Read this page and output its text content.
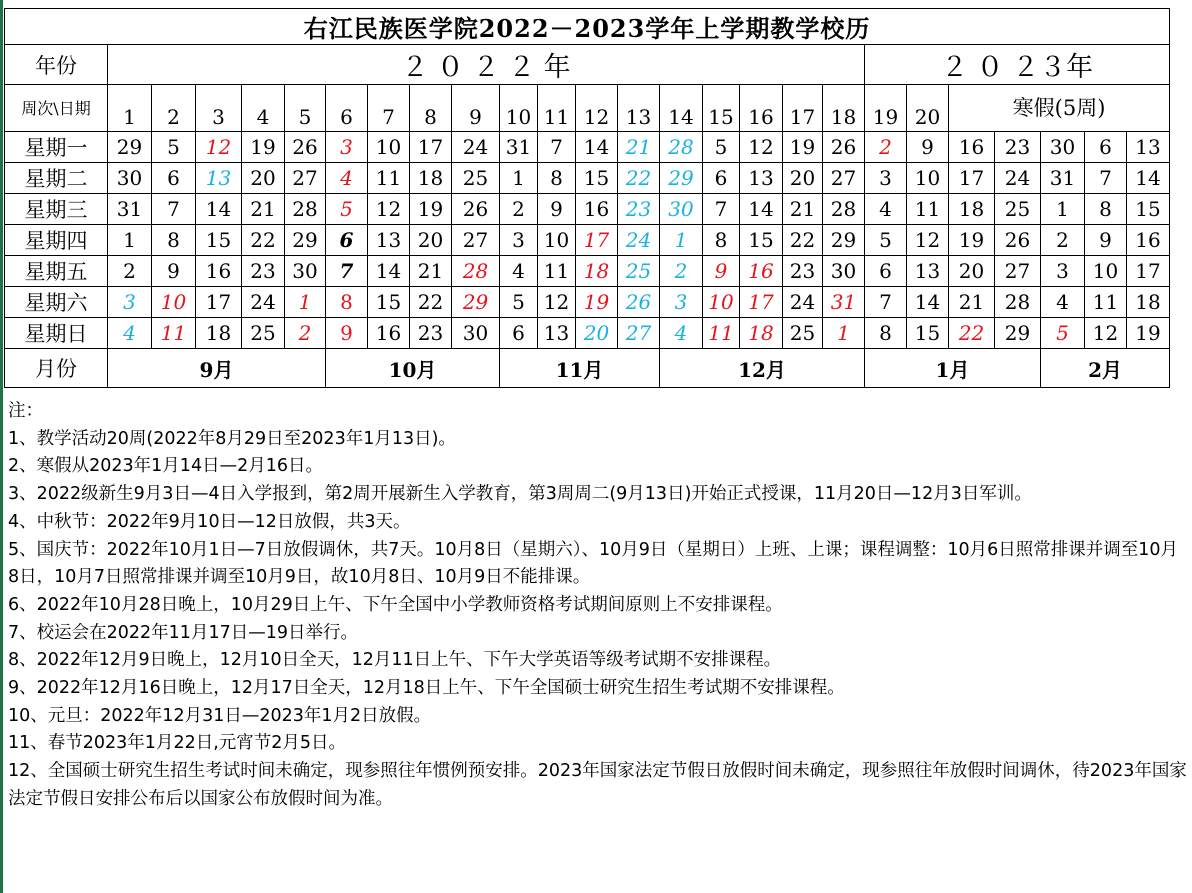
右江民族医学院2022－2023学年上学期教学校历																									
年份	２ ０ ２ ２ 年																		２ ０ ２３年						
周次\日期	1	2	3	4	5	6	7	8	9	10	11	12	13	14	15	16	17	18	19	20	寒假(5周)				
星期一	29	5	12	19	26	3	10	17	24	31	7	14	21	28	5	12	19	26	2	9	16	23	30	6	13
星期二	30	6	13	20	27	4	11	18	25	1	8	15	22	29	6	13	20	27	3	10	17	24	31	7	14
星期三	31	7	14	21	28	5	12	19	26	2	9	16	23	30	7	14	21	28	4	11	18	25	1	8	15
星期四	1	8	15	22	29	6	13	20	27	3	10	17	24	1	8	15	22	29	5	12	19	26	2	9	16
星期五	2	9	16	23	30	7	14	21	28	4	11	18	25	2	9	16	23	30	6	13	20	27	3	10	17
星期六	3	10	17	24	1	8	15	22	29	5	12	19	26	3	10	17	24	31	7	14	21	28	4	11	18
星期日	4	11	18	25	2	9	16	23	30	6	13	20	27	4	11	18	25	1	8	15	22	29	5	12	19
月份	9月					10月				11月				12月					1月				2月		
注：
1、教学活动20周(2022年8月29日至2023年1月13日)。
2、寒假从2023年1月14日—2月16日。
3、2022级新生9月3日—4日入学报到，第2周开展新生入学教育，第3周周二(9月13日)开始正式授课，11月20日—12月3日军训。
4、中秋节：2022年9月10日—12日放假，共3天。
5、国庆节：2022年10月1日—7日放假调休，共7天。10月8日（星期六）、10月9日（星期日）上班、上课；课程调整：10月6日照常排课并调至10月8日，10月7日照常排课并调至10月9日，故10月8日、10月9日不能排课。
6、2022年10月28日晚上，10月29日上午、下午全国中小学教师资格考试期间原则上不安排课程。
7、校运会在2022年11月17日—19日举行。
8、2022年12月9日晚上，12月10日全天，12月11日上午、下午大学英语等级考试期不安排课程。
9、2022年12月16日晚上，12月17日全天，12月18日上午、下午全国硕士研究生招生考试期不安排课程。
10、元旦：2022年12月31日—2023年1月2日放假。
11、春节2023年1月22日,元宵节2月5日。
12、全国硕士研究生招生考试时间未确定，现参照往年惯例预安排。2023年国家法定节假日放假时间未确定，现参照往年放假时间调休，待2023年国家法定节假日安排公布后以国家公布放假时间为准。
